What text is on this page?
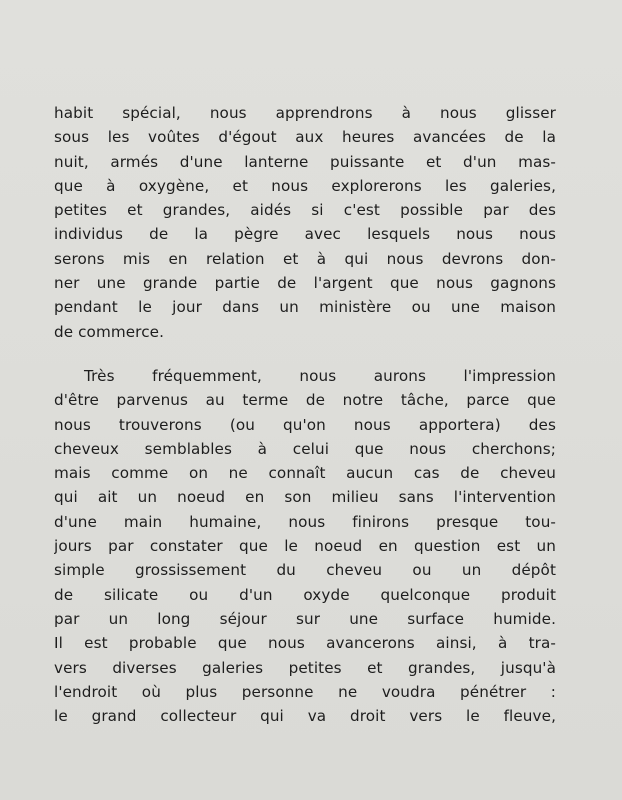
habit spécial, nous apprendrons à nous glisser
sous les voûtes d'égout aux heures avancées de la
nuit, armés d'une lanterne puissante et d'un mas-
que à oxygène, et nous explorerons les galeries,
petites et grandes, aidés si c'est possible par des
individus de la pègre avec lesquels nous nous
serons mis en relation et à qui nous devrons don-
ner une grande partie de l'argent que nous gagnons
pendant le jour dans un ministère ou une maison
de commerce.
Très fréquemment, nous aurons l'impression
d'être parvenus au terme de notre tâche, parce que
nous trouverons (ou qu'on nous apportera) des
cheveux semblables à celui que nous cherchons;
mais comme on ne connaît aucun cas de cheveu
qui ait un noeud en son milieu sans l'intervention
d'une main humaine, nous finirons presque tou-
jours par constater que le noeud en question est un
simple grossissement du cheveu ou un dépôt
de silicate ou d'un oxyde quelconque produit
par un long séjour sur une surface humide.
Il est probable que nous avancerons ainsi, à tra-
vers diverses galeries petites et grandes, jusqu'à
l'endroit où plus personne ne voudra pénétrer :
le grand collecteur qui va droit vers le fleuve,
